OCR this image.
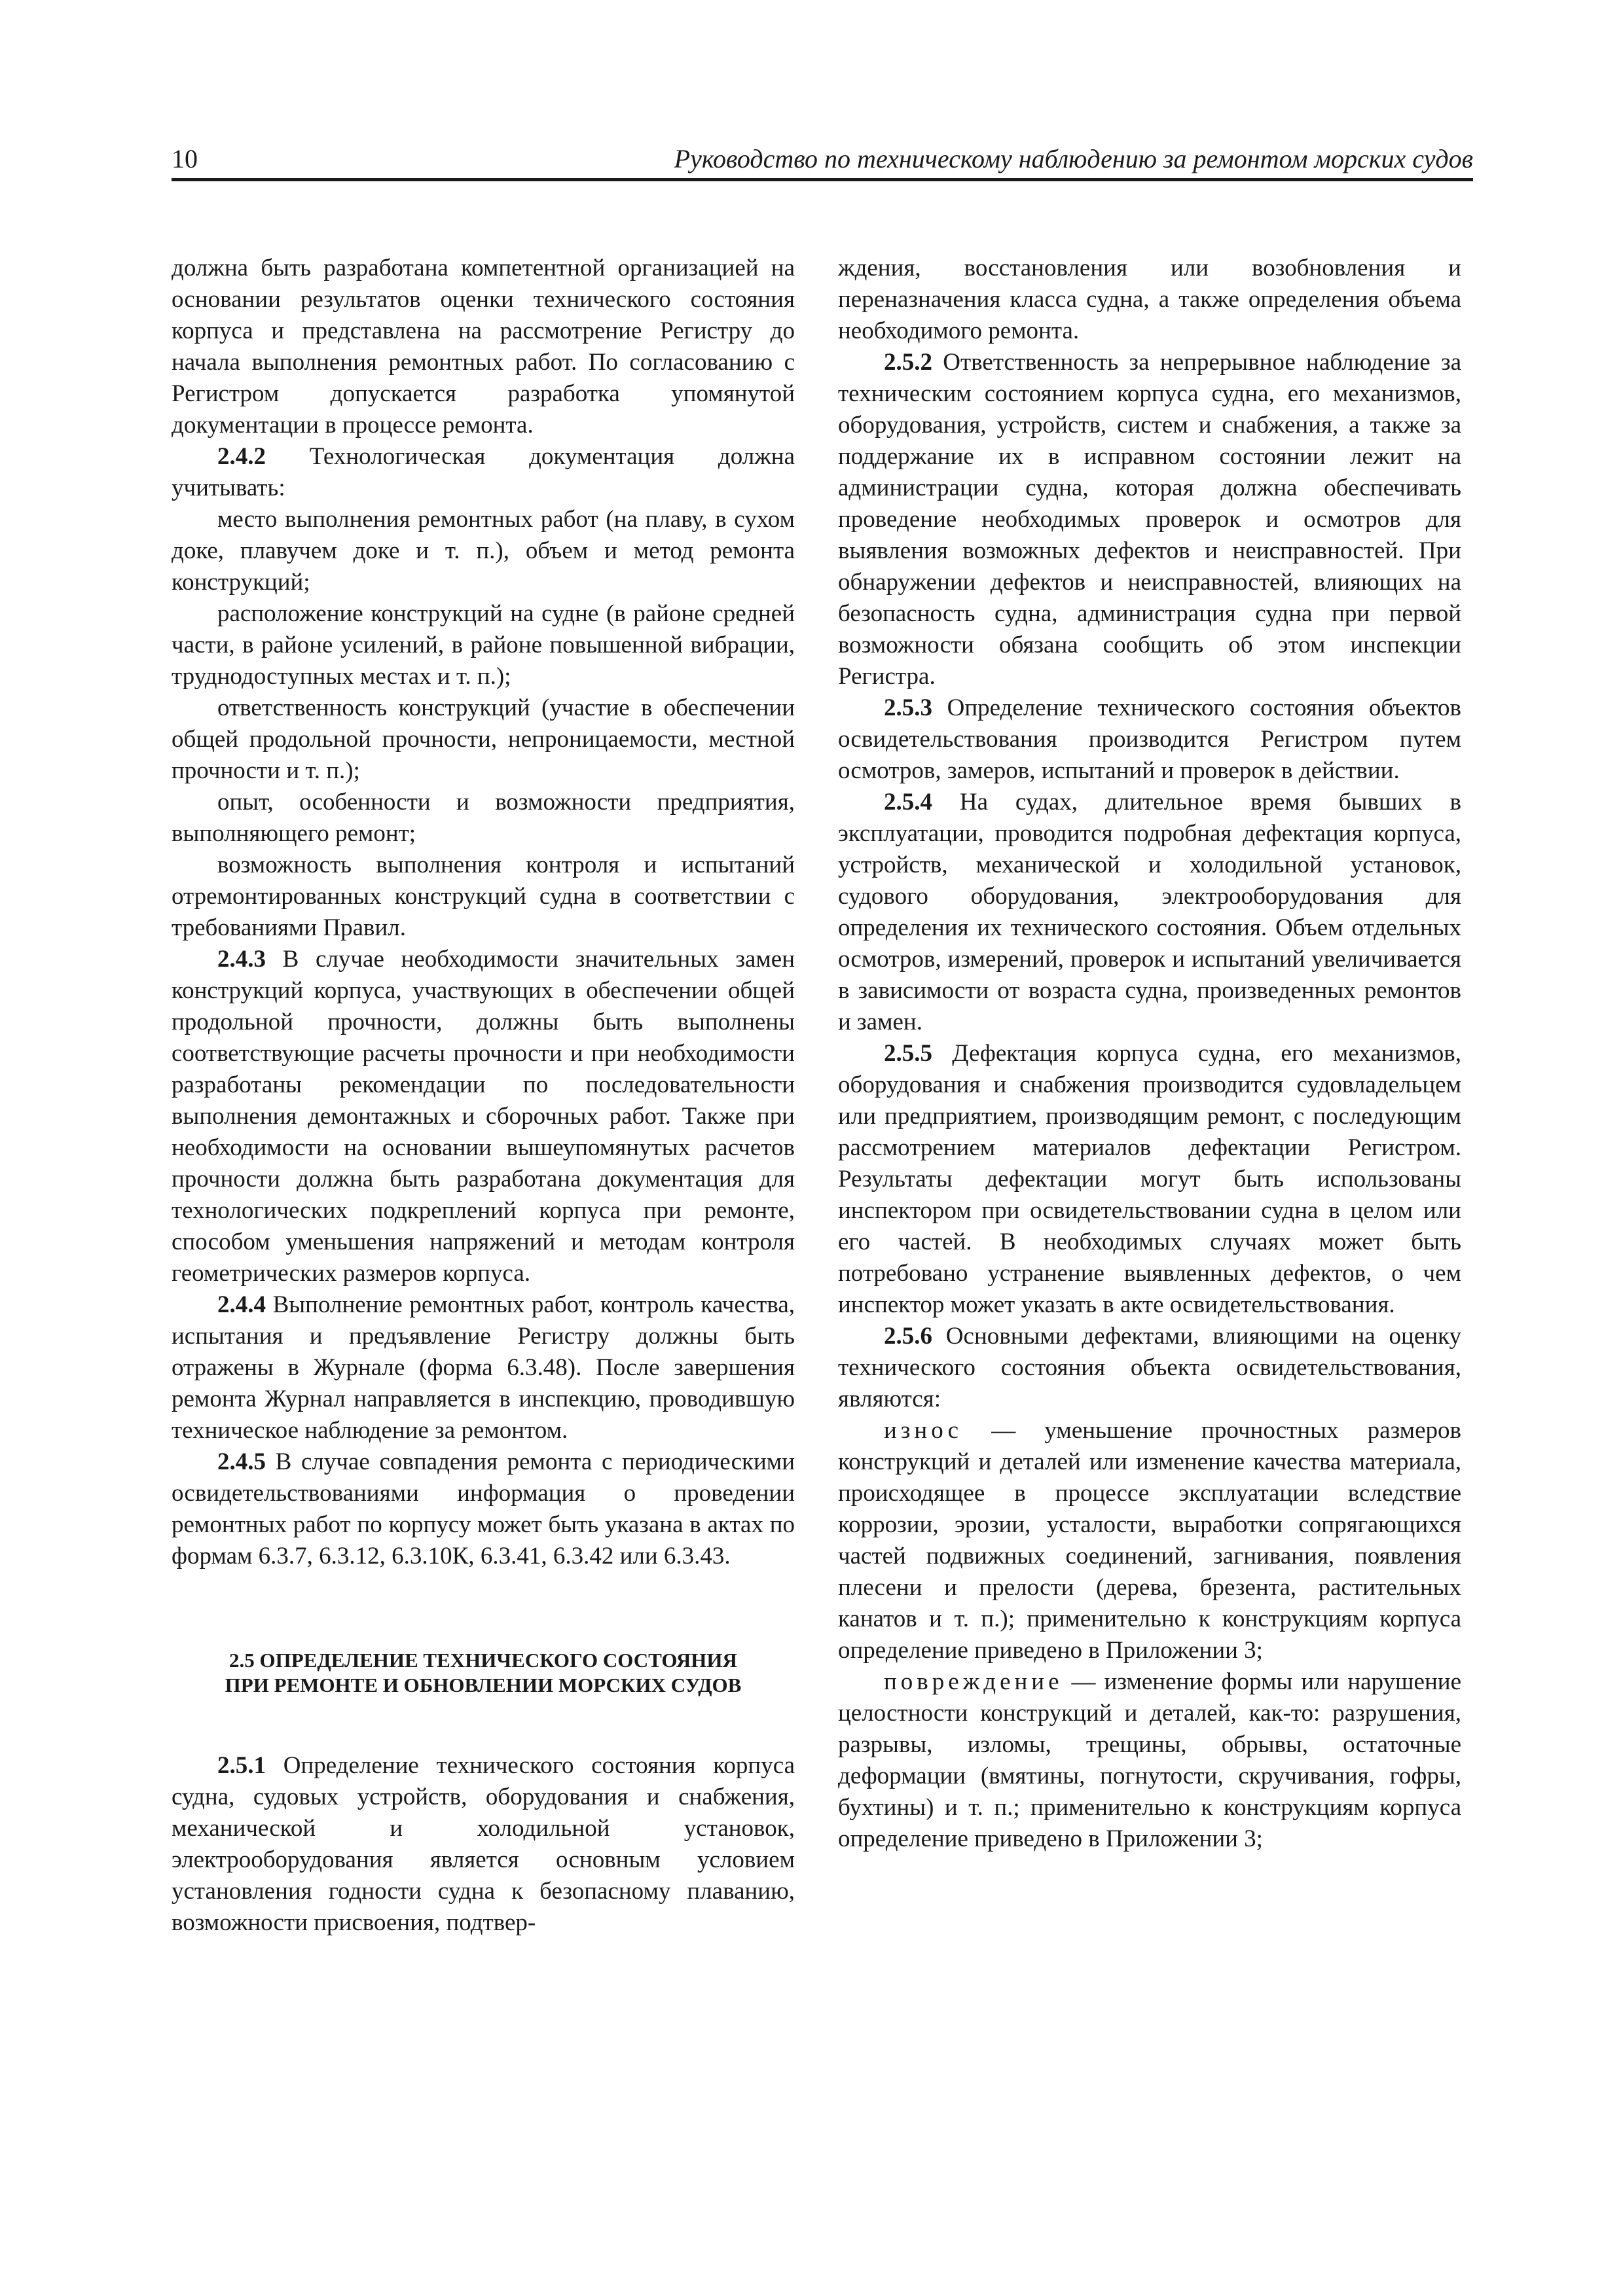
10	Руководство по техническому наблюдению за ремонтом морских судов

должна быть разработана компетентной организацией на основании результатов оценки технического состояния корпуса и представлена на рассмотрение Регистру до начала выполнения ремонтных работ. По согласованию с Регистром допускается разработка упомянутой документации в процессе ремонта.

2.4.2 Технологическая документация должна учитывать:

место выполнения ремонтных работ (на плаву, в сухом доке, плавучем доке и т. п.), объем и метод ремонта конструкций;

расположение конструкций на судне (в районе средней части, в районе усилений, в районе повышенной вибрации, труднодоступных местах и т. п.);

ответственность конструкций (участие в обеспечении общей продольной прочности, непроницаемости, местной прочности и т. п.);

опыт, особенности и возможности предприятия, выполняющего ремонт;

возможность выполнения контроля и испытаний отремонтированных конструкций судна в соответствии с требованиями Правил.

2.4.3 В случае необходимости значительных замен конструкций корпуса, участвующих в обеспечении общей продольной прочности, должны быть выполнены соответствующие расчеты прочности и при необходимости разработаны рекомендации по последовательности выполнения демонтажных и сборочных работ. Также при необходимости на основании вышеупомянутых расчетов прочности должна быть разработана документация для технологических подкреплений корпуса при ремонте, способом уменьшения напряжений и методам контроля геометрических размеров корпуса.

2.4.4 Выполнение ремонтных работ, контроль качества, испытания и предъявление Регистру должны быть отражены в Журнале (форма 6.3.48). После завершения ремонта Журнал направляется в инспекцию, проводившую техническое наблюдение за ремонтом.

2.4.5 В случае совпадения ремонта с периодическими освидетельствованиями информация о проведении ремонтных работ по корпусу может быть указана в актах по формам 6.3.7, 6.3.12, 6.3.10К, 6.3.41, 6.3.42 или 6.3.43.

2.5 ОПРЕДЕЛЕНИЕ ТЕХНИЧЕСКОГО СОСТОЯНИЯ
ПРИ РЕМОНТЕ И ОБНОВЛЕНИИ МОРСКИХ СУДОВ

2.5.1 Определение технического состояния корпуса судна, судовых устройств, оборудования и снабжения, механической и холодильной установок, электрооборудования является основным условием установления годности судна к безопасному плаванию, возможности присвоения, подтвер-

ждения, восстановления или возобновления и переназначения класса судна, а также определения объема необходимого ремонта.

2.5.2 Ответственность за непрерывное наблюдение за техническим состоянием корпуса судна, его механизмов, оборудования, устройств, систем и снабжения, а также за поддержание их в исправном состоянии лежит на администрации судна, которая должна обеспечивать проведение необходимых проверок и осмотров для выявления возможных дефектов и неисправностей. При обнаружении дефектов и неисправностей, влияющих на безопасность судна, администрация судна при первой возможности обязана сообщить об этом инспекции Регистра.

2.5.3 Определение технического состояния объектов освидетельствования производится Регистром путем осмотров, замеров, испытаний и проверок в действии.

2.5.4 На судах, длительное время бывших в эксплуатации, проводится подробная дефектация корпуса, устройств, механической и холодильной установок, судового оборудования, электрооборудования для определения их технического состояния. Объем отдельных осмотров, измерений, проверок и испытаний увеличивается в зависимости от возраста судна, произведенных ремонтов и замен.

2.5.5 Дефектация корпуса судна, его механизмов, оборудования и снабжения производится судовладельцем или предприятием, производящим ремонт, с последующим рассмотрением материалов дефектации Регистром. Результаты дефектации могут быть использованы инспектором при освидетельствовании судна в целом или его частей. В необходимых случаях может быть потребовано устранение выявленных дефектов, о чем инспектор может указать в акте освидетельствования.

2.5.6 Основными дефектами, влияющими на оценку технического состояния объекта освидетельствования, являются:

износ — уменьшение прочностных размеров конструкций и деталей или изменение качества материала, происходящее в процессе эксплуатации вследствие коррозии, эрозии, усталости, выработки сопрягающихся частей подвижных соединений, загнивания, появления плесени и прелости (дерева, брезента, растительных канатов и т. п.); применительно к конструкциям корпуса определение приведено в Приложении 3;

повреждение — изменение формы или нарушение целостности конструкций и деталей, как-то: разрушения, разрывы, изломы, трещины, обрывы, остаточные деформации (вмятины, погнутости, скручивания, гофры, бухтины) и т. п.; применительно к конструкциям корпуса определение приведено в Приложении 3;
